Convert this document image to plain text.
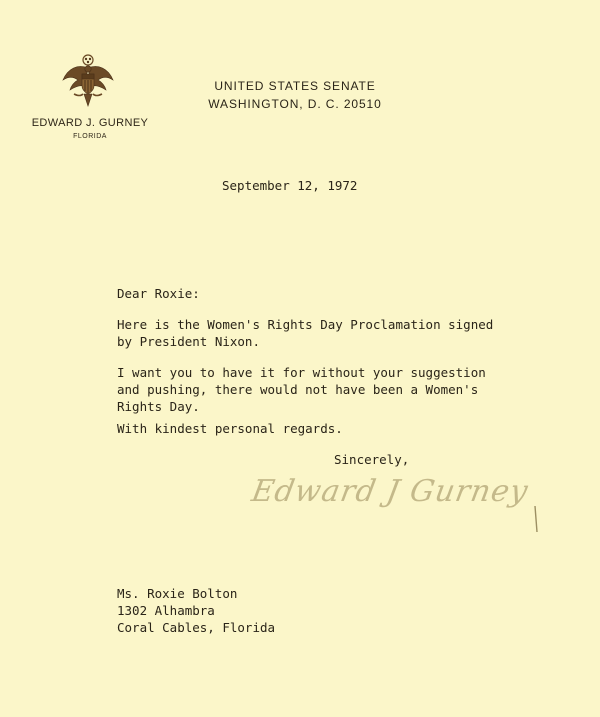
EDWARD J. GURNEY
FLORIDA
UNITED STATES SENATE
WASHINGTON, D. C. 20510
September 12, 1972
Dear Roxie:
Here is the Women's Rights Day Proclamation signed
by President Nixon.
I want you to have it for without your suggestion
and pushing, there would not have been a Women's
Rights Day.
With kindest personal regards.
Sincerely,
Edward J Gurney
Ms. Roxie Bolton
1302 Alhambra
Coral Cables, Florida
